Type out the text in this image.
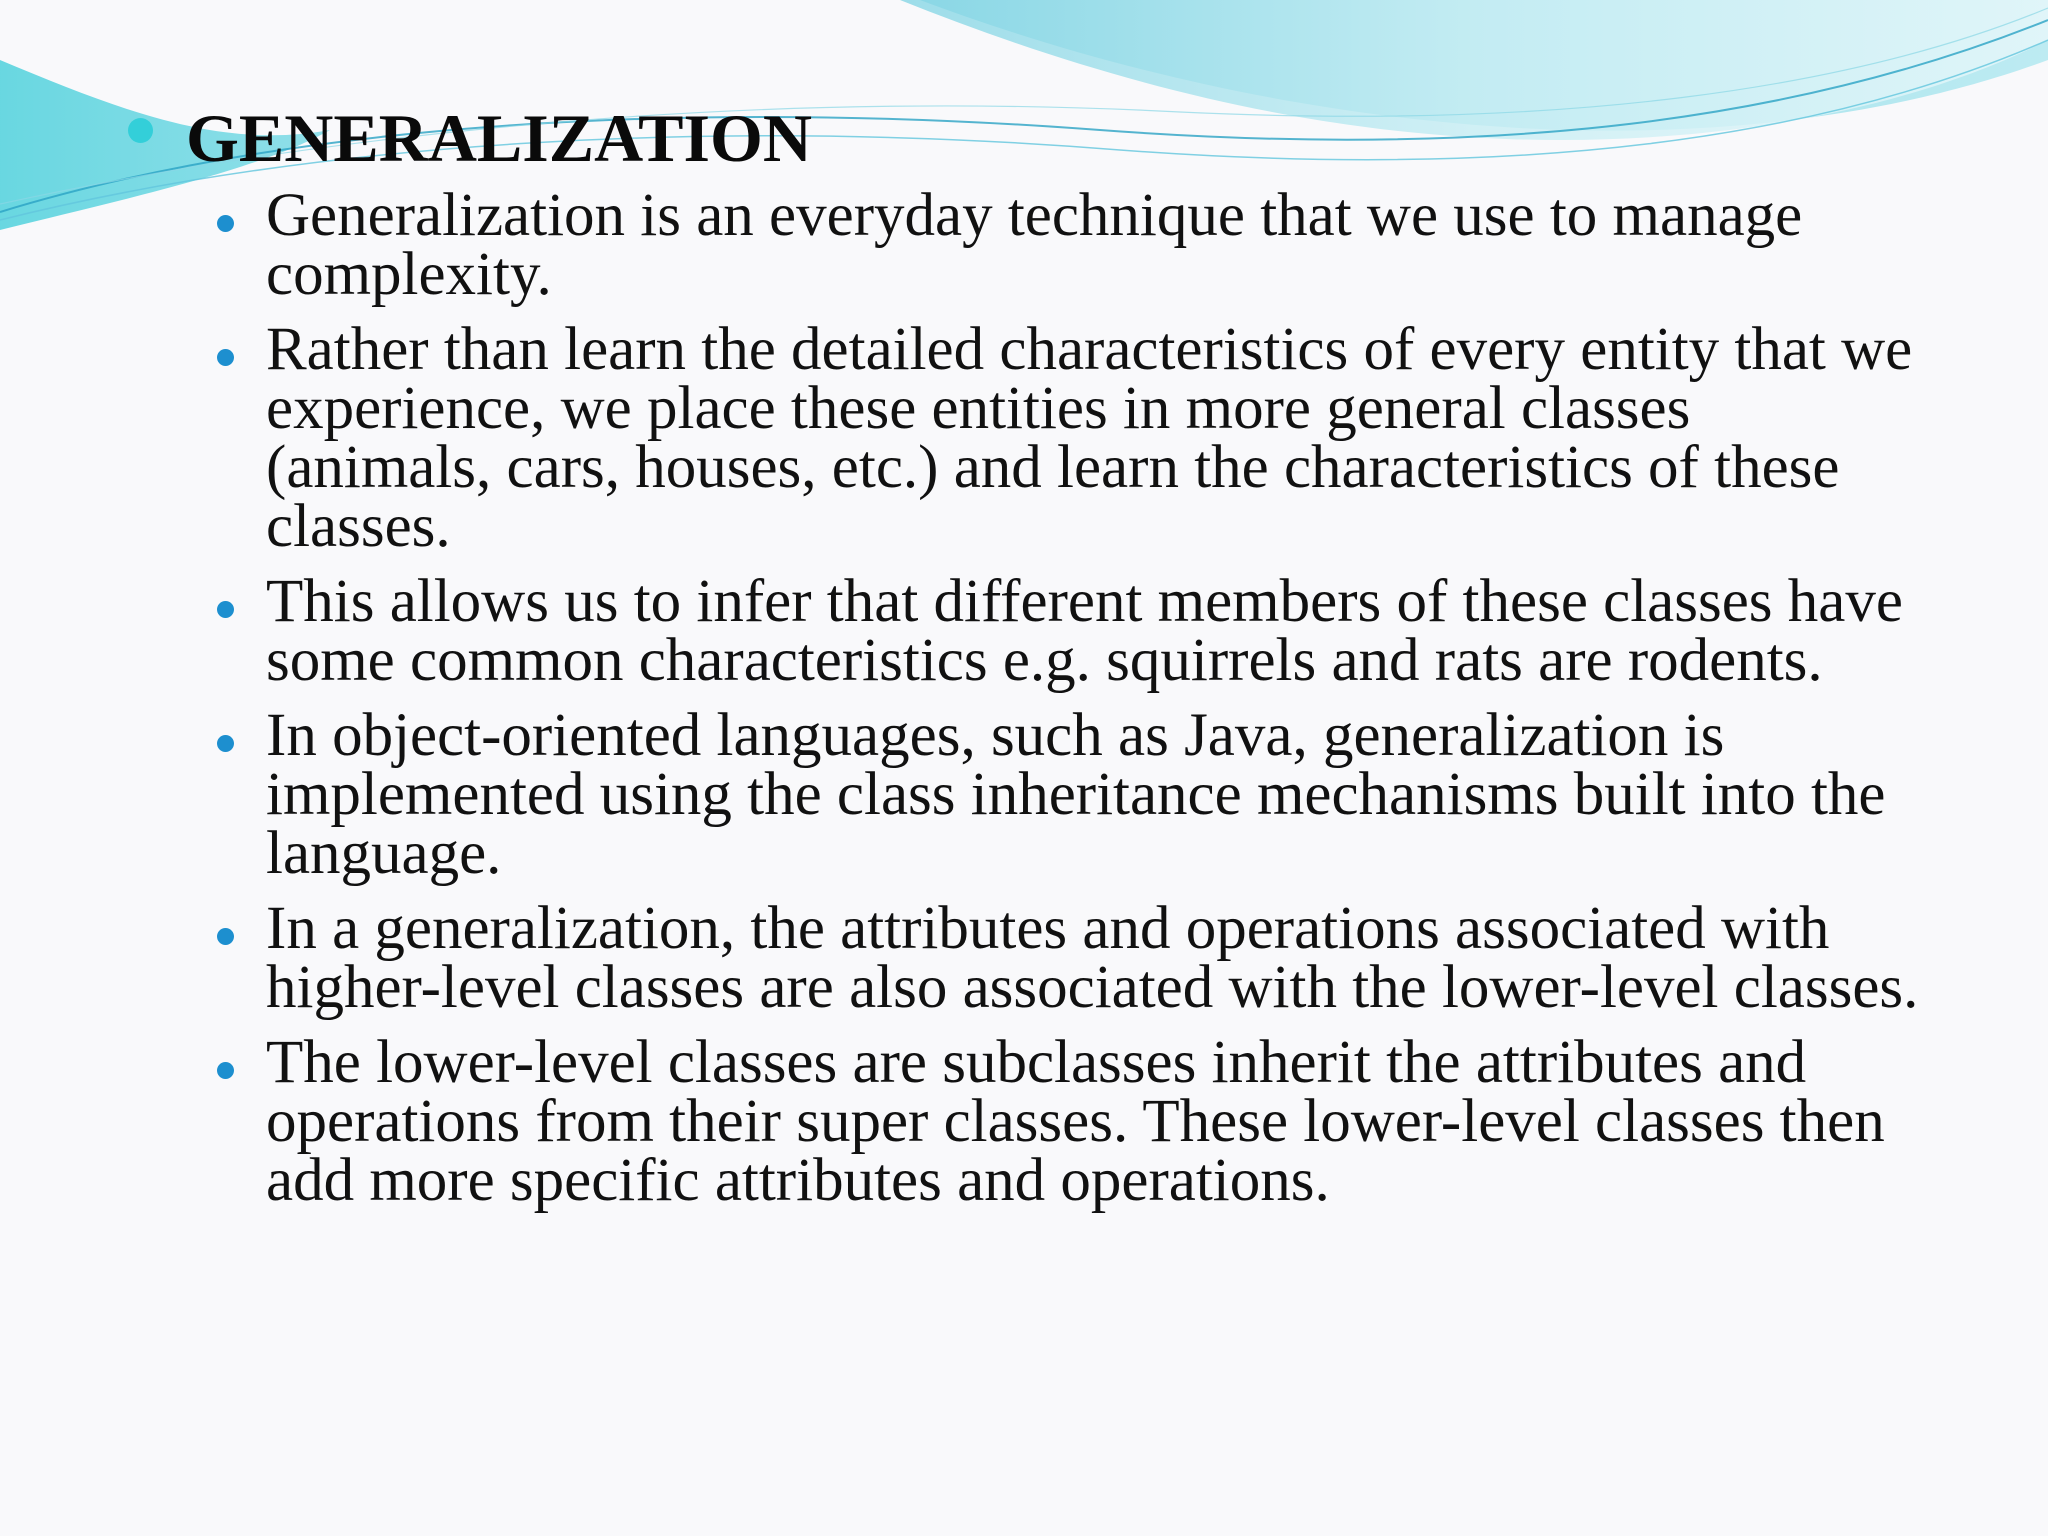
GENERALIZATION
Generalization is an everyday technique that we use to manage complexity.
Rather than learn the detailed characteristics of every entity that we experience, we place these entities in more general classes (animals, cars, houses, etc.) and learn the characteristics of these classes.
This allows us to infer that different members of these classes have some common characteristics e.g. squirrels and rats are rodents.
In object-oriented languages, such as Java, generalization is implemented using the class inheritance mechanisms built into the language.
In a generalization, the attributes and operations associated with higher-level classes are also associated with the lower-level classes.
The lower-level classes are subclasses inherit the attributes and operations from their super classes. These lower-level classes then add more specific attributes and operations.
